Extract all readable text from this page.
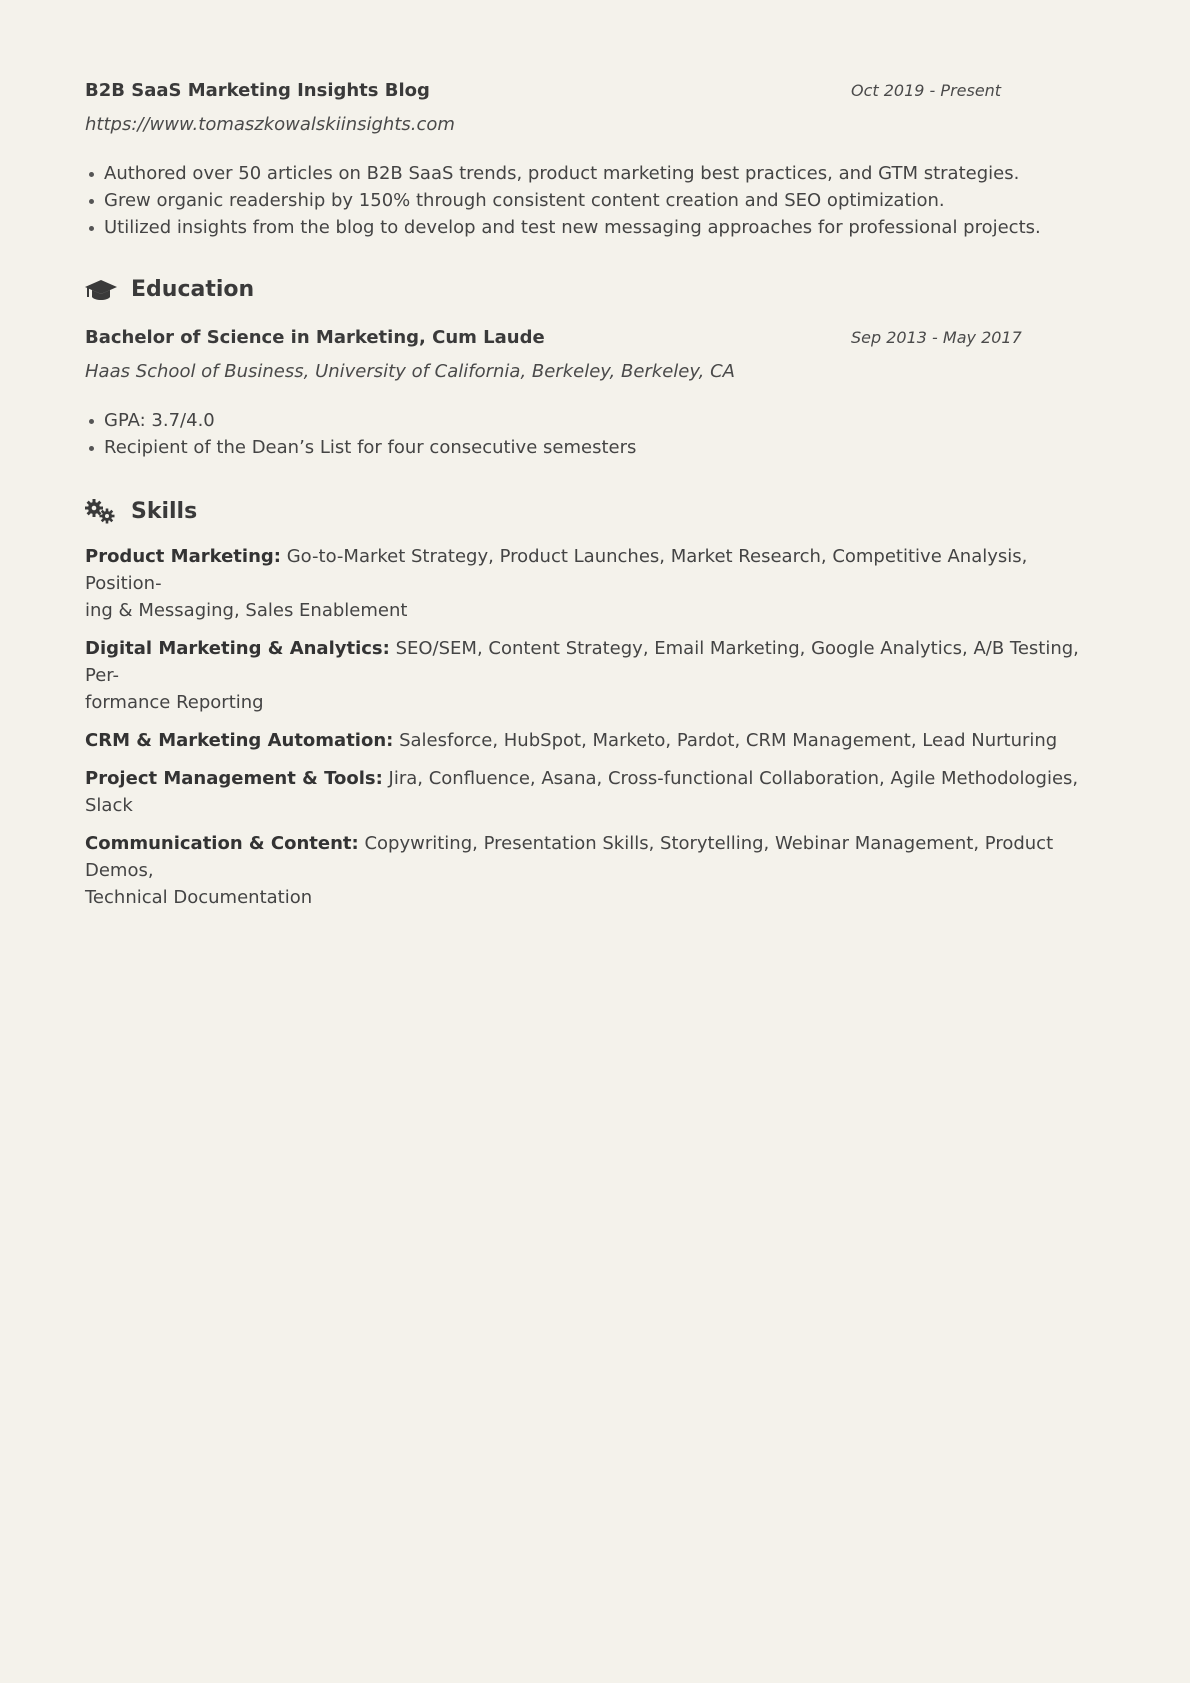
B2B SaaS Marketing Insights Blog	Oct 2019 - Present

https://www.tomaszkowalskiinsights.com

Authored over 50 articles on B2B SaaS trends, product marketing best practices, and GTM strategies.
Grew organic readership by 150% through consistent content creation and SEO optimization.
Utilized insights from the blog to develop and test new messaging approaches for professional projects.
Education
Bachelor of Science in Marketing, Cum Laude	Sep 2013 - May 2017

Haas School of Business, University of California, Berkeley, Berkeley, CA

GPA: 3.7/4.0
Recipient of the Dean’s List for four consecutive semesters
Skills

Product Marketing: Go-to-Market Strategy, Product Launches, Market Research, Competitive Analysis, Position-
ing & Messaging, Sales Enablement

Digital Marketing & Analytics: SEO/SEM, Content Strategy, Email Marketing, Google Analytics, A/B Testing, Per-
formance Reporting

CRM & Marketing Automation: Salesforce, HubSpot, Marketo, Pardot, CRM Management, Lead Nurturing

Project Management & Tools: Jira, Confluence, Asana, Cross-functional Collaboration, Agile Methodologies,
Slack

Communication & Content: Copywriting, Presentation Skills, Storytelling, Webinar Management, Product Demos,
Technical Documentation
